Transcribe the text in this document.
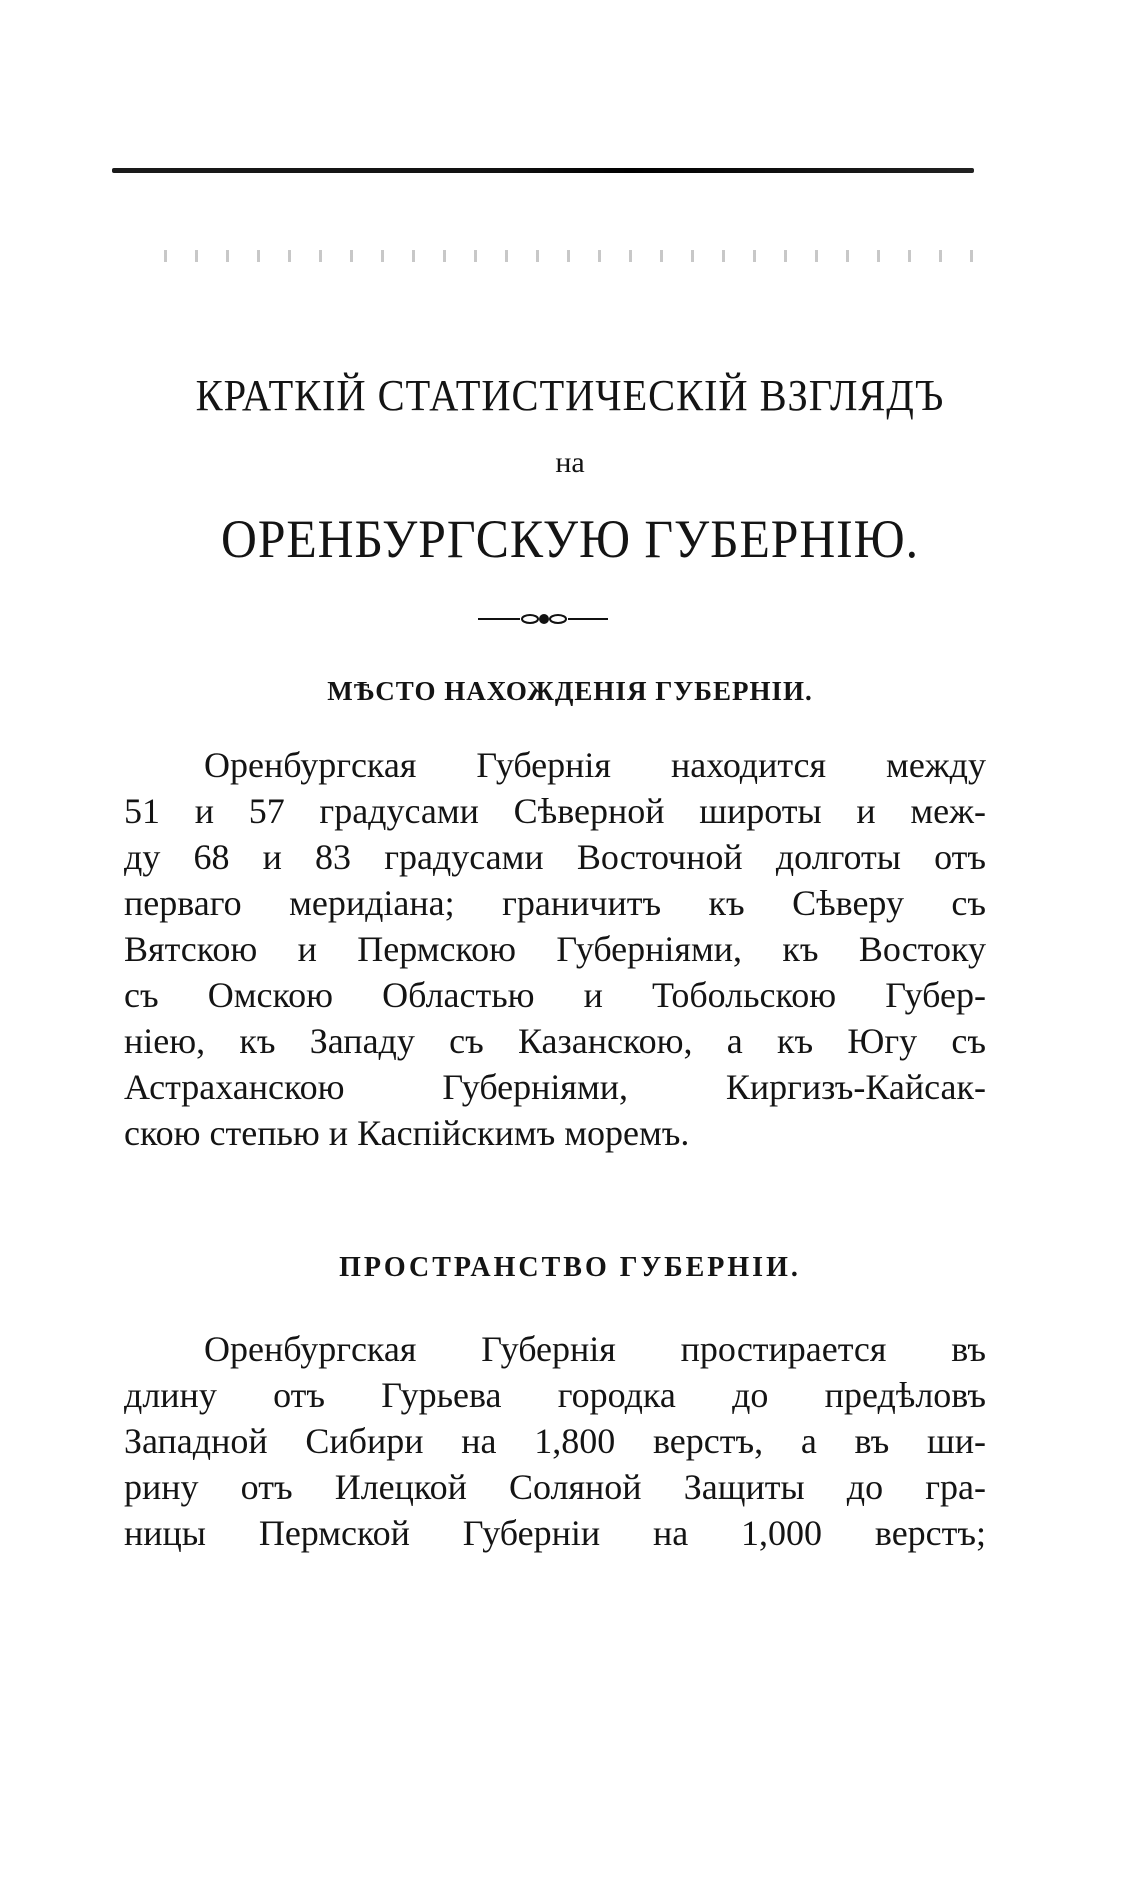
КРАТКІЙ СТАТИСТИЧЕСКІЙ ВЗГЛЯДЪ
на
ОРЕНБУРГСКУЮ ГУБЕРНІЮ.
МѢСТО НАХОЖДЕНІЯ ГУБЕРНІИ.
Оренбургская Губернія находится между
51 и 57 градусами Сѣверной широты и меж-
ду 68 и 83 градусами Восточной долготы отъ
перваго меридіана; граничитъ къ Сѣверу съ
Вятскою и Пермскою Губерніями, къ Востоку
съ Омскою Областью и Тобольскою Губер-
ніею, къ Западу съ Казанскою, а къ Югу съ
Астраханскою Губерніями, Киргизъ-Кайсак-
скою степью и Каспійскимъ моремъ.
ПРОСТРАНСТВО ГУБЕРНІИ.
Оренбургская Губернія простирается въ
длину отъ Гурьева городка до предѣловъ
Западной Сибири на 1,800 верстъ, а въ ши-
рину отъ Илецкой Соляной Защиты до гра-
ницы Пермской Губерніи на 1,000 верстъ;
